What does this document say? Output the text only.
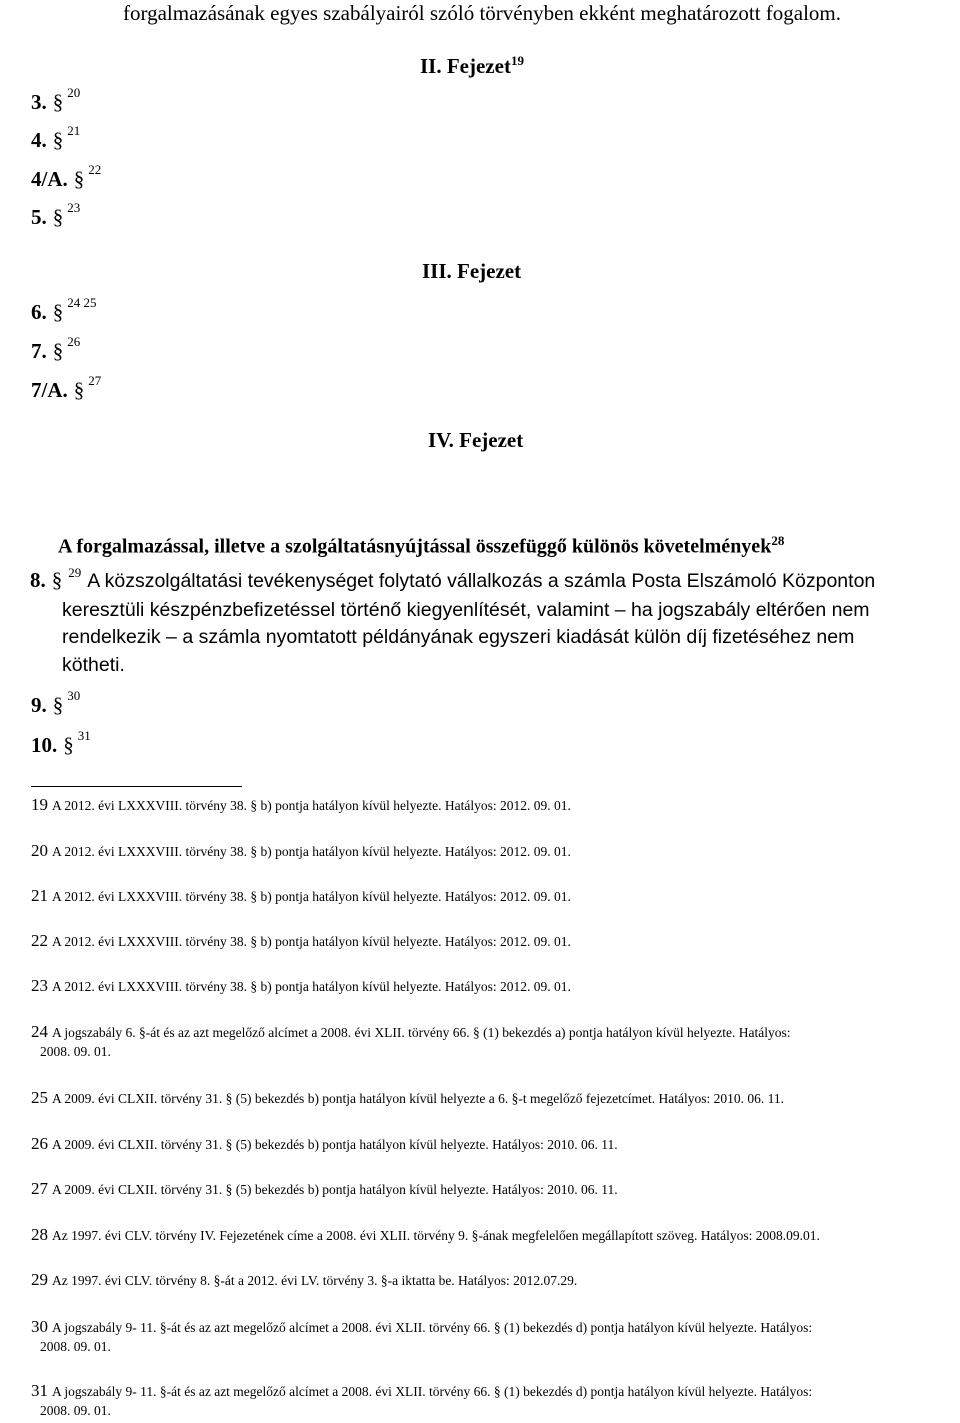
forgalmazásának egyes szabályairól szóló törvényben ekként meghatározott fogalom.
II. Fejezet$^{19}$
III. Fejezet
IV. Fejezet
3. § $^{20}$
4. § $^{21}$
4/A. § $^{22}$
5. § $^{23}$
6. § $^{24 25}$
7. § $^{26}$
7/A. § $^{27}$
A forgalmazással, illetve a szolgáltatásnyújtással összefüggő különös követelmények$^{28}$
8. § $^{29}$ A közszolgáltatási tevékenységet folytató vállalkozás a számla Posta Elszámoló Központon keresztüli készpénzbefizetéssel történő kiegyenlítését, valamint – ha jogszabály eltérően nem rendelkezik – a számla nyomtatott példányának egyszeri kiadását külön díj fizetéséhez nem kötheti.
9. § $^{30}$
10. § $^{31}$
19 A 2012. évi LXXXVIII. törvény 38. § b) pontja hatályon kívül helyezte. Hatályos: 2012. 09. 01.
20 A 2012. évi LXXXVIII. törvény 38. § b) pontja hatályon kívül helyezte. Hatályos: 2012. 09. 01.
21 A 2012. évi LXXXVIII. törvény 38. § b) pontja hatályon kívül helyezte. Hatályos: 2012. 09. 01.
22 A 2012. évi LXXXVIII. törvény 38. § b) pontja hatályon kívül helyezte. Hatályos: 2012. 09. 01.
23 A 2012. évi LXXXVIII. törvény 38. § b) pontja hatályon kívül helyezte. Hatályos: 2012. 09. 01.
24 A jogszabály 6. §-át és az azt megelőző alcímet a 2008. évi XLII. törvény 66. § (1) bekezdés a) pontja hatályon kívül helyezte. Hatályos:
2008. 09. 01.
25 A 2009. évi CLXII. törvény 31. § (5) bekezdés b) pontja hatályon kívül helyezte a 6. §-t megelőző fejezetcímet. Hatályos: 2010. 06. 11.
26 A 2009. évi CLXII. törvény 31. § (5) bekezdés b) pontja hatályon kívül helyezte. Hatályos: 2010. 06. 11.
27 A 2009. évi CLXII. törvény 31. § (5) bekezdés b) pontja hatályon kívül helyezte. Hatályos: 2010. 06. 11.
28 Az 1997. évi CLV. törvény IV. Fejezetének címe a 2008. évi XLII. törvény 9. §-ának megfelelően megállapított szöveg. Hatályos: 2008.09.01.
29 Az 1997. évi CLV. törvény 8. §-át a 2012. évi LV. törvény 3. §-a iktatta be. Hatályos: 2012.07.29.
30 A jogszabály 9- 11. §-át és az azt megelőző alcímet a 2008. évi XLII. törvény 66. § (1) bekezdés d) pontja hatályon kívül helyezte. Hatályos:
2008. 09. 01.
31 A jogszabály 9- 11. §-át és az azt megelőző alcímet a 2008. évi XLII. törvény 66. § (1) bekezdés d) pontja hatályon kívül helyezte. Hatályos:
2008. 09. 01.
